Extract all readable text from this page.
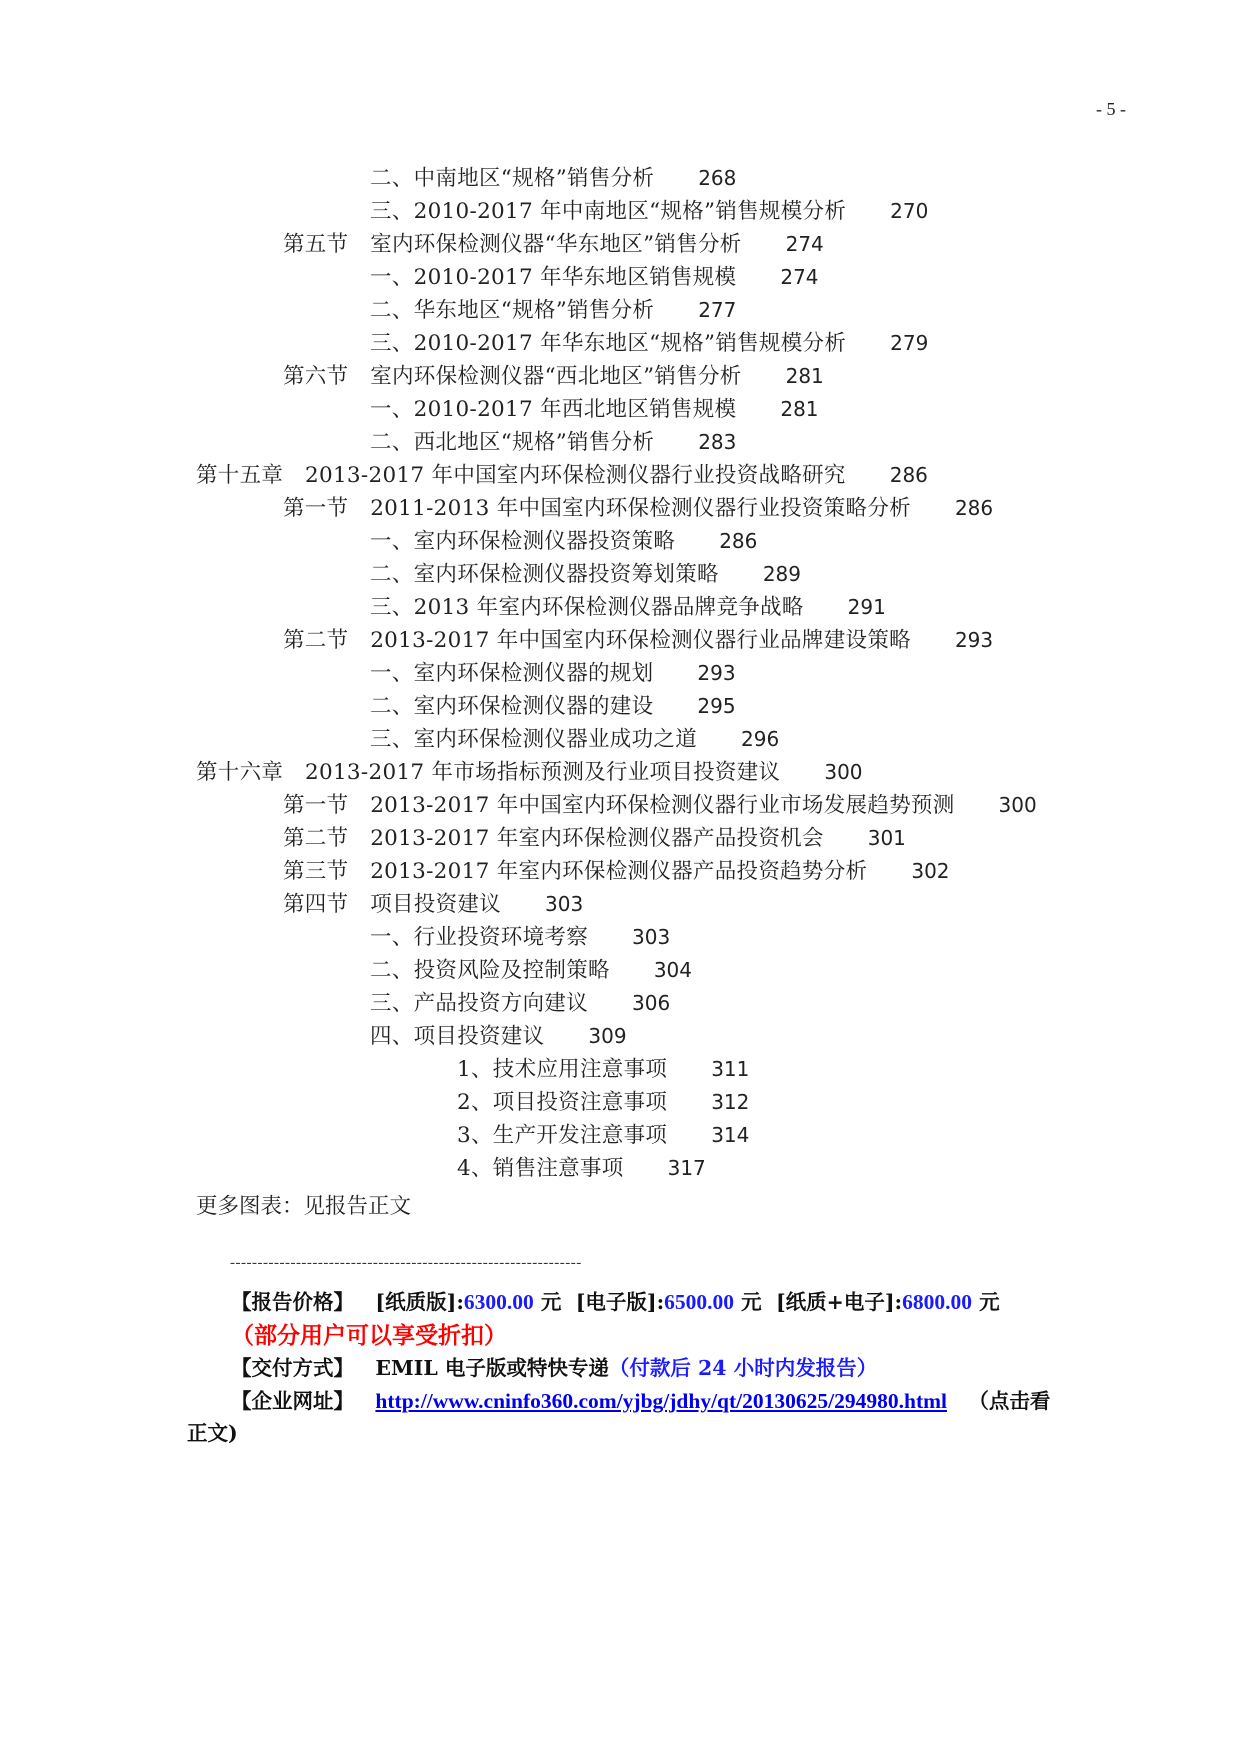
- 5 -
二、中南地区“规格”销售分析 268
三、2010-2017 年中南地区“规格”销售规模分析 270
第五节　室内环保检测仪器“华东地区”销售分析 274
一、2010-2017 年华东地区销售规模 274
二、华东地区“规格”销售分析 277
三、2010-2017 年华东地区“规格”销售规模分析 279
第六节　室内环保检测仪器“西北地区”销售分析 281
一、2010-2017 年西北地区销售规模 281
二、西北地区“规格”销售分析 283
第十五章　2013-2017 年中国室内环保检测仪器行业投资战略研究 286
第一节　2011-2013 年中国室内环保检测仪器行业投资策略分析 286
一、室内环保检测仪器投资策略 286
二、室内环保检测仪器投资筹划策略 289
三、2013 年室内环保检测仪器品牌竞争战略 291
第二节　2013-2017 年中国室内环保检测仪器行业品牌建设策略 293
一、室内环保检测仪器的规划 293
二、室内环保检测仪器的建设 295
三、室内环保检测仪器业成功之道 296
第十六章　2013-2017 年市场指标预测及行业项目投资建议 300
第一节　2013-2017 年中国室内环保检测仪器行业市场发展趋势预测 300
第二节　2013-2017 年室内环保检测仪器产品投资机会 301
第三节　2013-2017 年室内环保检测仪器产品投资趋势分析 302
第四节　项目投资建议 303
一、行业投资环境考察 303
二、投资风险及控制策略 304
三、产品投资方向建议 306
四、项目投资建议 309
1、技术应用注意事项 311
2、项目投资注意事项 312
3、生产开发注意事项 314
4、销售注意事项 317
更多图表：见报告正文
----------------------------------------------------------------
【报告价格】 [纸质版]:6300.00 元 [电子版]:6500.00 元 [纸质+电子]:6800.00 元
（部分用户可以享受折扣）
【交付方式】 EMIL 电子版或特快专递（付款后 24 小时内发报告）
【企业网址】 http://www.cninfo360.com/yjbg/jdhy/qt/20130625/294980.html （点击看
正文)
